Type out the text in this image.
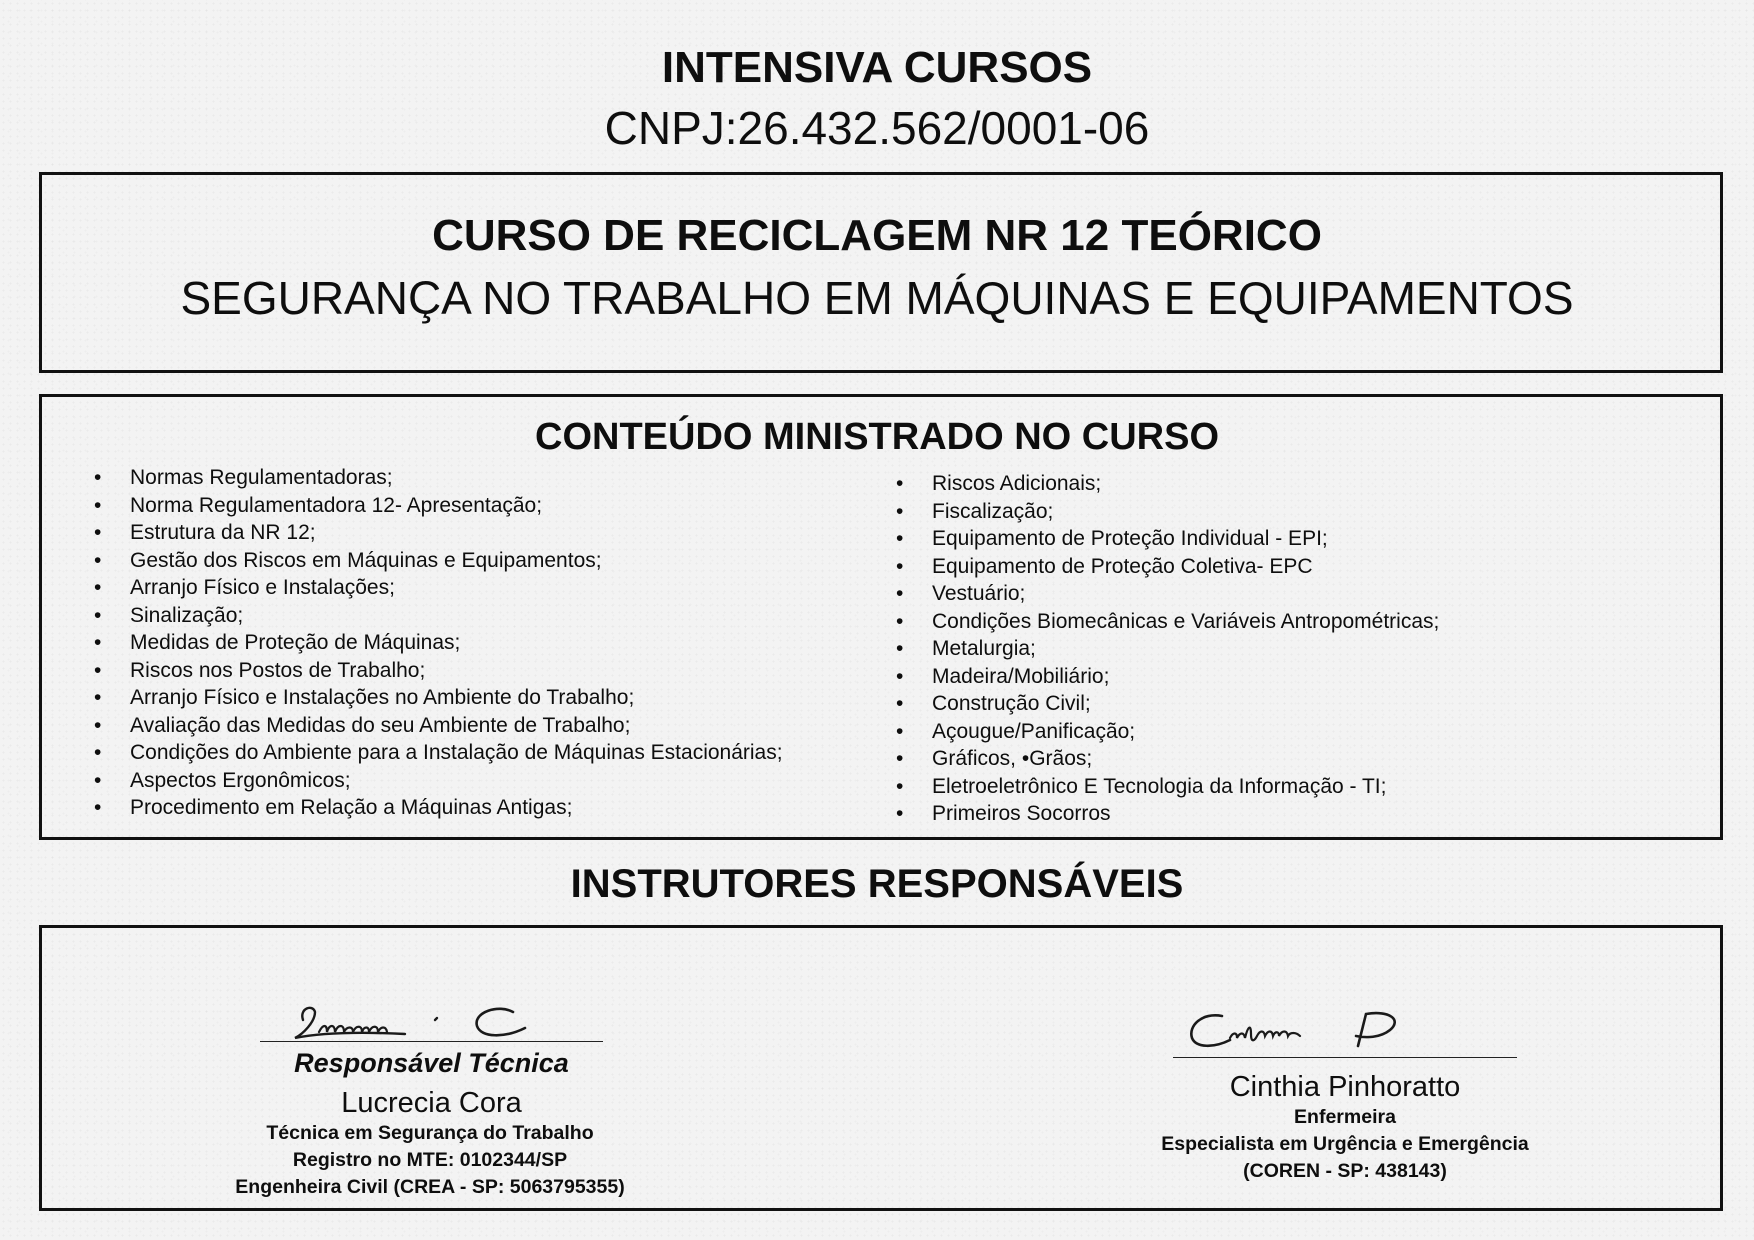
INTENSIVA CURSOS
CNPJ:26.432.562/0001-06
CURSO DE RECICLAGEM NR 12 TEÓRICO
SEGURANÇA NO TRABALHO EM MÁQUINAS E EQUIPAMENTOS
CONTEÚDO MINISTRADO NO CURSO
• Normas Regulamentadoras;
• Norma Regulamentadora 12- Apresentação;
• Estrutura da NR 12;
• Gestão dos Riscos em Máquinas e Equipamentos;
• Arranjo Físico e Instalações;
• Sinalização;
• Medidas de Proteção de Máquinas;
• Riscos nos Postos de Trabalho;
• Arranjo Físico e Instalações no Ambiente do Trabalho;
• Avaliação das Medidas do seu Ambiente de Trabalho;
• Condições do Ambiente para a Instalação de Máquinas Estacionárias;
• Aspectos Ergonômicos;
• Procedimento em Relação a Máquinas Antigas;
• Riscos Adicionais;
• Fiscalização;
• Equipamento de Proteção Individual - EPI;
• Equipamento de Proteção Coletiva- EPC
• Vestuário;
• Condições Biomecânicas e Variáveis Antropométricas;
• Metalurgia;
• Madeira/Mobiliário;
• Construção Civil;
• Açougue/Panificação;
• Gráficos, •Grãos;
• Eletroeletrônico E Tecnologia da Informação - TI;
• Primeiros Socorros
INSTRUTORES RESPONSÁVEIS
Responsável Técnica
Lucrecia Cora
Técnica em Segurança do Trabalho
Registro no MTE: 0102344/SP
Engenheira Civil (CREA - SP: 5063795355)
Cinthia Pinhoratto
Enfermeira
Especialista em Urgência e Emergência
(COREN - SP: 438143)
